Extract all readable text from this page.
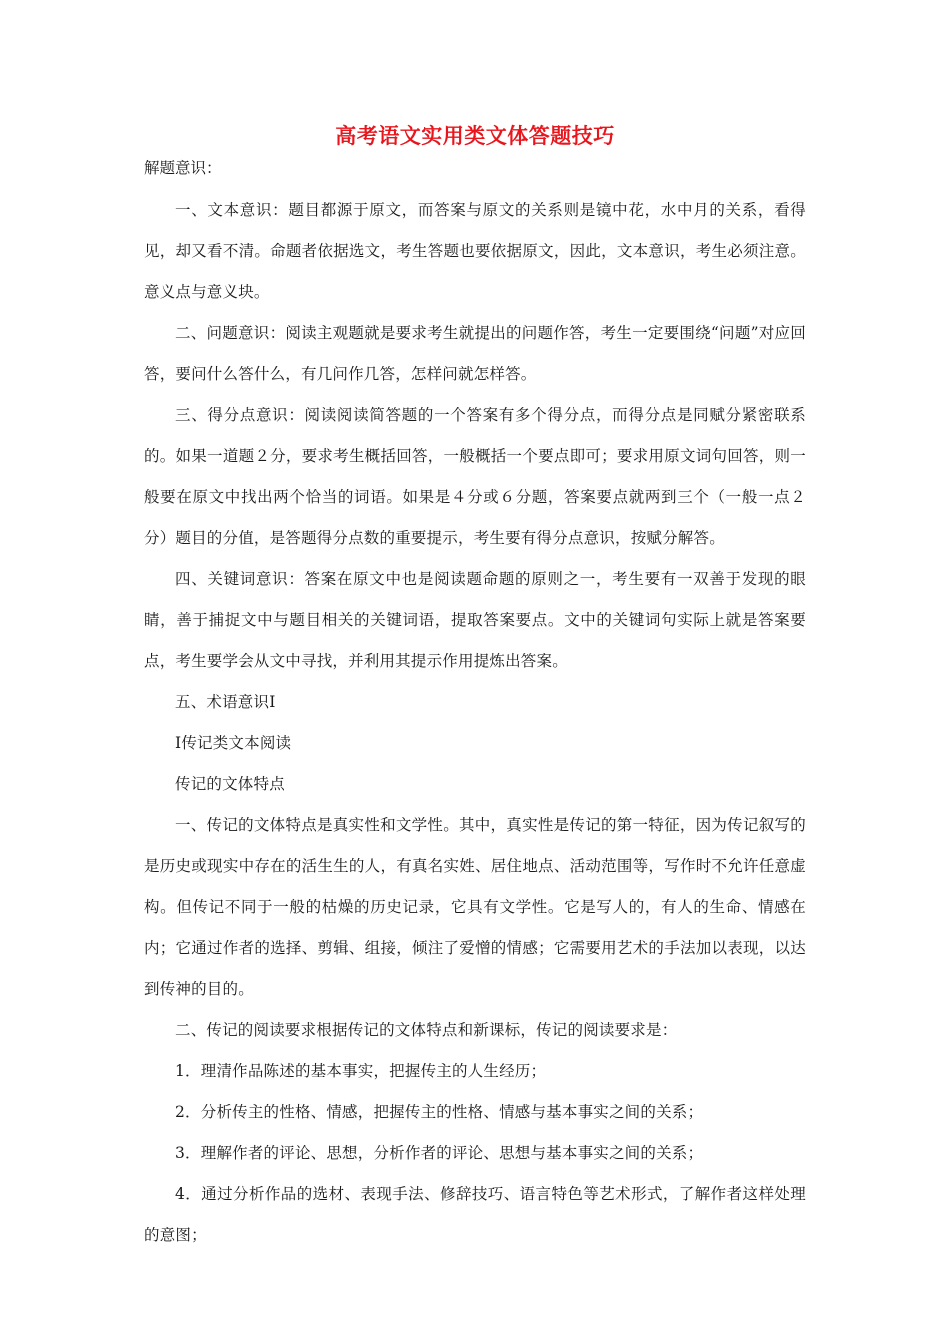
高考语文实用类文体答题技巧

解题意识：

一、文本意识：题目都源于原文，而答案与原文的关系则是镜中花，水中月的关系，看得见，却又看不清。命题者依据选文，考生答题也要依据原文，因此，文本意识，考生必须注意。意义点与意义块。

二、问题意识：阅读主观题就是要求考生就提出的问题作答，考生一定要围绕“问题”对应回答，要问什么答什么，有几问作几答，怎样问就怎样答。

三、得分点意识：阅读阅读简答题的一个答案有多个得分点，而得分点是同赋分紧密联系的。如果一道题２分，要求考生概括回答，一般概括一个要点即可；要求用原文词句回答，则一般要在原文中找出两个恰当的词语。如果是４分或６分题，答案要点就两到三个（一般一点２分）题目的分值，是答题得分点数的重要提示，考生要有得分点意识，按赋分解答。

四、关键词意识：答案在原文中也是阅读题命题的原则之一，考生要有一双善于发现的眼睛，善于捕捉文中与题目相关的关键词语，提取答案要点。文中的关键词句实际上就是答案要点，考生要学会从文中寻找，并利用其提示作用提炼出答案。

五、术语意识Ⅰ

Ⅰ传记类文本阅读

传记的文体特点

一、传记的文体特点是真实性和文学性。其中，真实性是传记的第一特征，因为传记叙写的是历史或现实中存在的活生生的人，有真名实姓、居住地点、活动范围等，写作时不允许任意虚构。但传记不同于一般的枯燥的历史记录，它具有文学性。它是写人的，有人的生命、情感在内；它通过作者的选择、剪辑、组接，倾注了爱憎的情感；它需要用艺术的手法加以表现，以达到传神的目的。

二、传记的阅读要求根据传记的文体特点和新课标，传记的阅读要求是：

1．理清作品陈述的基本事实，把握传主的人生经历；

2．分析传主的性格、情感，把握传主的性格、情感与基本事实之间的关系；

3．理解作者的评论、思想，分析作者的评论、思想与基本事实之间的关系；

4．通过分析作品的选材、表现手法、修辞技巧、语言特色等艺术形式，了解作者这样处理的意图；
